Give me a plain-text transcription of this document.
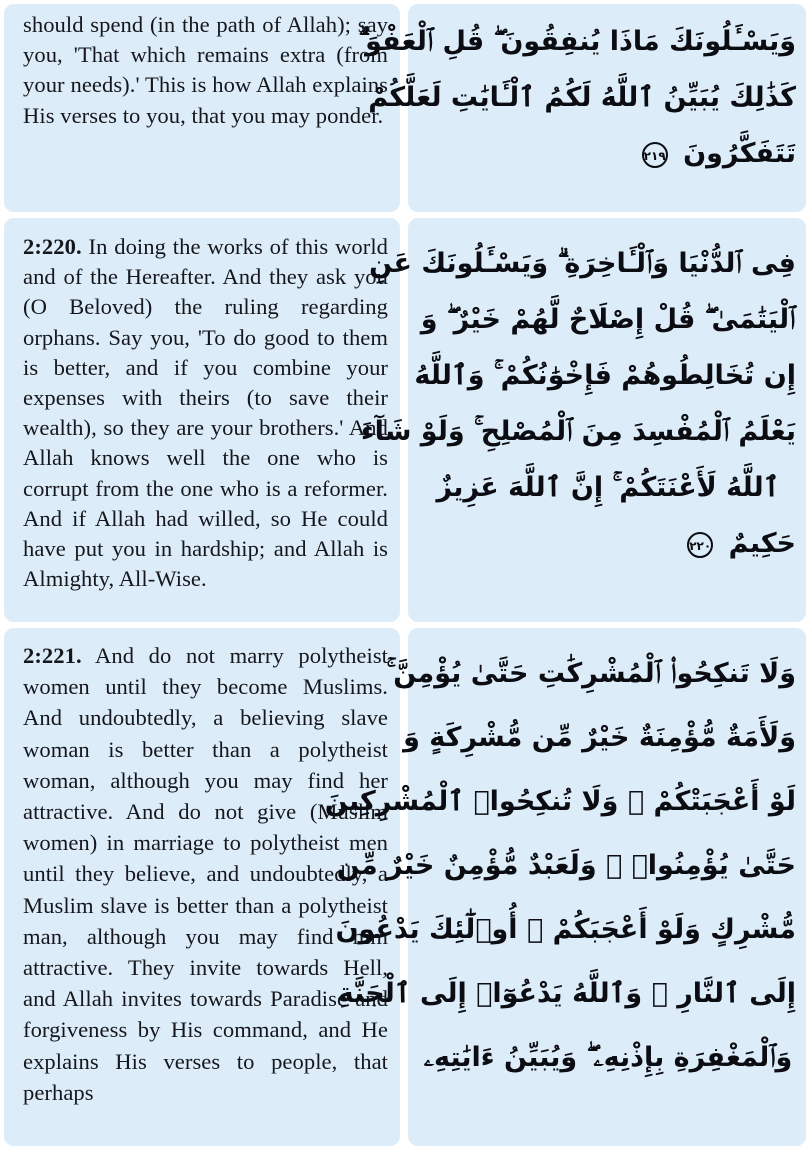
should spend (in the path of Allah); say you, 'That which remains extra (from your needs).' This is how Allah explains His verses to you, that you may ponder.
وَيَسْـَٔلُونَكَ مَاذَا يُنفِقُونَ ۖ قُلِ ٱلْعَفْوَ ۗ
كَذَٰلِكَ يُبَيِّنُ ٱللَّهُ لَكُمُ ٱلْـَٔايَٰتِ لَعَلَّكُمْ
تَتَفَكَّرُونَ ٢١٩
2:220. In doing the works of this world and of the Hereafter. And they ask you (O Beloved) the ruling regarding orphans. Say you, 'To do good to them is better, and if you combine your expenses with theirs (to save their wealth), so they are your brothers.' And Allah knows well the one who is corrupt from the one who is a reformer. And if Allah had willed, so He could have put you in hardship; and Allah is Almighty, All-Wise.
فِى ٱلدُّنْيَا وَٱلْـَٔاخِرَةِ ۗ وَيَسْـَٔلُونَكَ عَنِ
ٱلْيَتَٰمَىٰ ۖ قُلْ إِصْلَاحٌ لَّهُمْ خَيْرٌ ۖ وَ
إِن تُخَالِطُوهُمْ فَإِخْوَٰنُكُمْ ۚ وَٱللَّهُ
يَعْلَمُ ٱلْمُفْسِدَ مِنَ ٱلْمُصْلِحِ ۚ وَلَوْ شَآءَ
ٱللَّهُ لَأَعْنَتَكُمْ ۚ إِنَّ ٱللَّهَ عَزِيزٌ
حَكِيمٌ ٢٢٠
2:221. And do not marry polytheist women until they become Muslims. And undoubtedly, a believing slave woman is better than a polytheist woman, although you may find her attractive. And do not give (Muslim women) in marriage to polytheist men until they believe, and undoubtedly, a Muslim slave is better than a polytheist man, although you may find him attractive. They invite towards Hell, and Allah invites towards Paradise and forgiveness by His command, and He explains His verses to people, that perhaps
وَلَا تَنكِحُوا۟ ٱلْمُشْرِكَٰتِ حَتَّىٰ يُؤْمِنَّ ۚ
وَلَأَمَةٌ مُّؤْمِنَةٌ خَيْرٌ مِّن مُّشْرِكَةٍ وَ
لَوْ أَعْجَبَتْكُمْ ۗ وَلَا تُنكِحُوا۟ ٱلْمُشْرِكِينَ
حَتَّىٰ يُؤْمِنُوا۟ ۚ وَلَعَبْدٌ مُّؤْمِنٌ خَيْرٌ مِّن
مُّشْرِكٍ وَلَوْ أَعْجَبَكُمْ ۗ أُو۟لَٰٓئِكَ يَدْعُونَ
إِلَى ٱلنَّارِ ۖ وَٱللَّهُ يَدْعُوٓا۟ إِلَى ٱلْجَنَّةِ
وَٱلْمَغْفِرَةِ بِإِذْنِهِۦ ۖ وَيُبَيِّنُ ءَايَٰتِهِۦ
